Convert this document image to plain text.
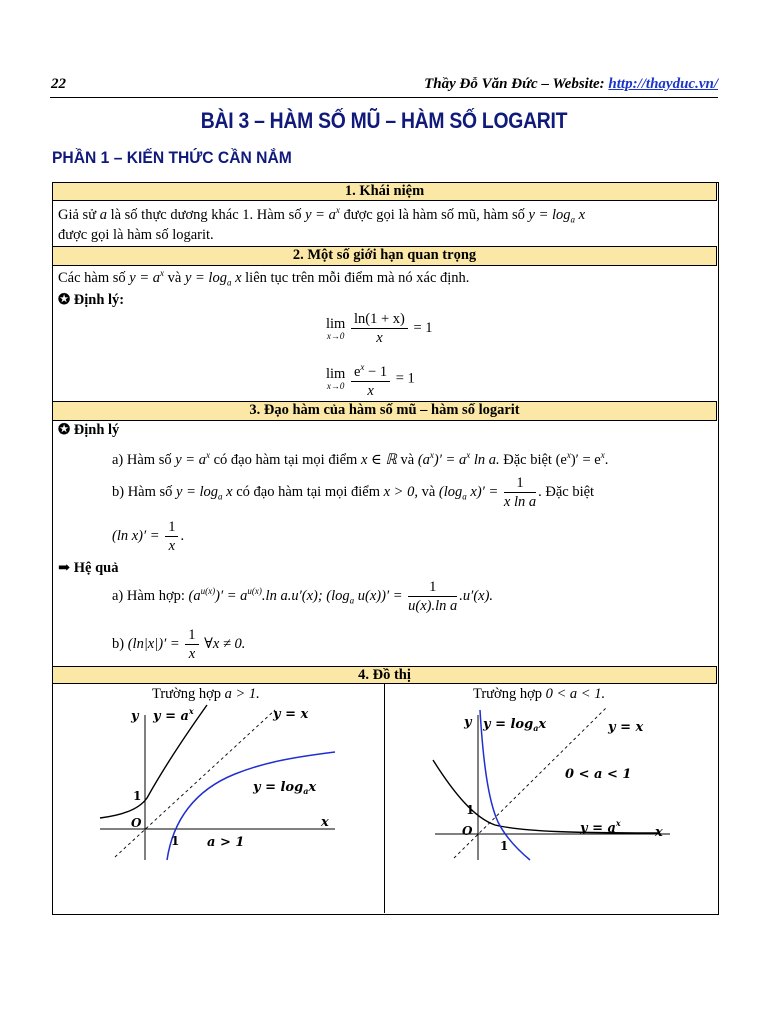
22	Thầy Đỗ Văn Đức – Website: http://thayduc.vn/
BÀI 3 – HÀM SỐ MŨ – HÀM SỐ LOGARIT
PHẦN 1 – KIẾN THỨC CẦN NẮM
1. Khái niệm
Giả sử a là số thực dương khác 1. Hàm số $y = a^x$ được gọi là hàm số mũ, hàm số $y = \log_a x$
được gọi là hàm số logarit.
2. Một số giới hạn quan trọng
Các hàm số $y = a^x$ và $y = \log_a x$ liên tục trên mỗi điểm mà nó xác định.
✪ Định lý:
lim
x→0
$\frac{\ln(1 + x)}{x} = 1$
lim
x→0
$\frac{e^x - 1}{x} = 1$
3. Đạo hàm của hàm số mũ – hàm số logarit
✪ Định lý
a) Hàm số $y = a^x$ có đạo hàm tại mọi điểm x ∈ ℝ và $(a^x)' = a^x$ ln a. Đặc biệt $(e^x)' = e^x$.
b) Hàm số $y = \log_a x$ có đạo hàm tại mọi điểm x > 0, và ($\log_a$ $x)' = \frac{1}{\text{x ln a}}$ . Đặc biệt
(ln $x)' = \frac{1}{x}$ .
➡ Hệ quả
a) Hàm hợp: $(a^{u(x)})' = a^{u(x)}.\ln$ a.u′(x); ($\log_a$ $u(x))' = \frac{1}{\text{u(x).ln a}} .u'(x)$.
b) $(\ln|x|)' = \frac{1}{x}$ ∀x ≠ 0.
4. Đồ thị
Trường hợp a > 1.	Trường hợp 0 < a < 1.
y $y = a^x$	y = x
$y = \log_ax$
1
O
1
x
a > 1
y $y = \log_ax$	y = x
0 < a < 1
1
O	$y = a^x$
x
1
